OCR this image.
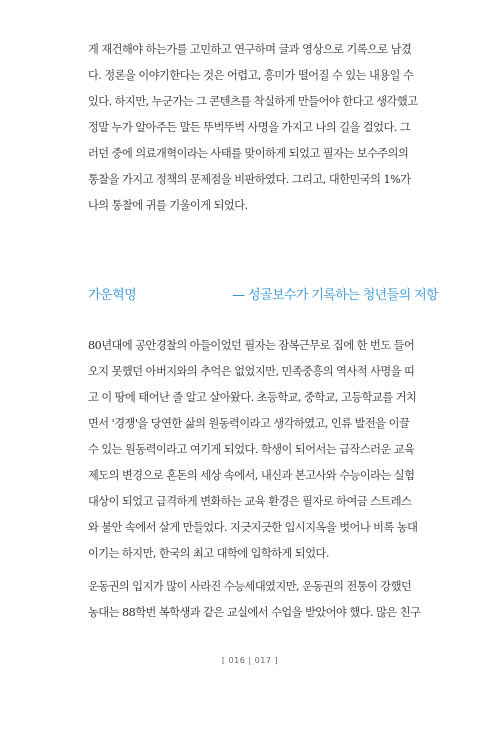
게 재건해야 하는가를 고민하고 연구하며 글과 영상으로 기록으로 남겼
다. 정론을 이야기한다는 것은 어렵고, 흥미가 떨어질 수 있는 내용일 수
있다. 하지만, 누군가는 그 콘텐츠를 착실하게 만들어야 한다고 생각했고
정말 누가 알아주든 말든 뚜벅뚜벅 사명을 가지고 나의 길을 걸었다. 그
러던 중에 의료개혁이라는 사태를 맞이하게 되었고 필자는 보수주의의
통찰을 가지고 정책의 문제점을 비판하였다. 그리고, 대한민국의 1%가
나의 통찰에 귀를 기울이게 되었다.
가운혁명	— 성골보수가 기록하는 청년들의 저항
80년대에 공안경찰의 아들이었던 필자는 잠복근무로 집에 한 번도 들어
오지 못했던 아버지와의 추억은 없었지만, 민족중흥의 역사적 사명을 띠
고 이 땅에 태어난 줄 알고 살아왔다. 초등학교, 중학교, 고등학교를 거치
면서 '경쟁'을 당연한 삶의 원동력이라고 생각하였고, 인류 발전을 이끌
수 있는 원동력이라고 여기게 되었다. 학생이 되어서는 급작스러운 교육
제도의 변경으로 혼돈의 세상 속에서, 내신과 본고사와 수능이라는 실험
대상이 되었고 급격하게 변화하는 교육 환경은 필자로 하여금 스트레스
와 불안 속에서 살게 만들었다. 지긋지긋한 입시지옥을 벗어나 비록 농대
이기는 하지만, 한국의 최고 대학에 입학하게 되었다.
운동권의 입지가 많이 사라진 수능세대였지만, 운동권의 전통이 강했던
농대는 88학번 복학생과 같은 교실에서 수업을 받았어야 했다. 많은 친구
[ 016 | 017 ]
